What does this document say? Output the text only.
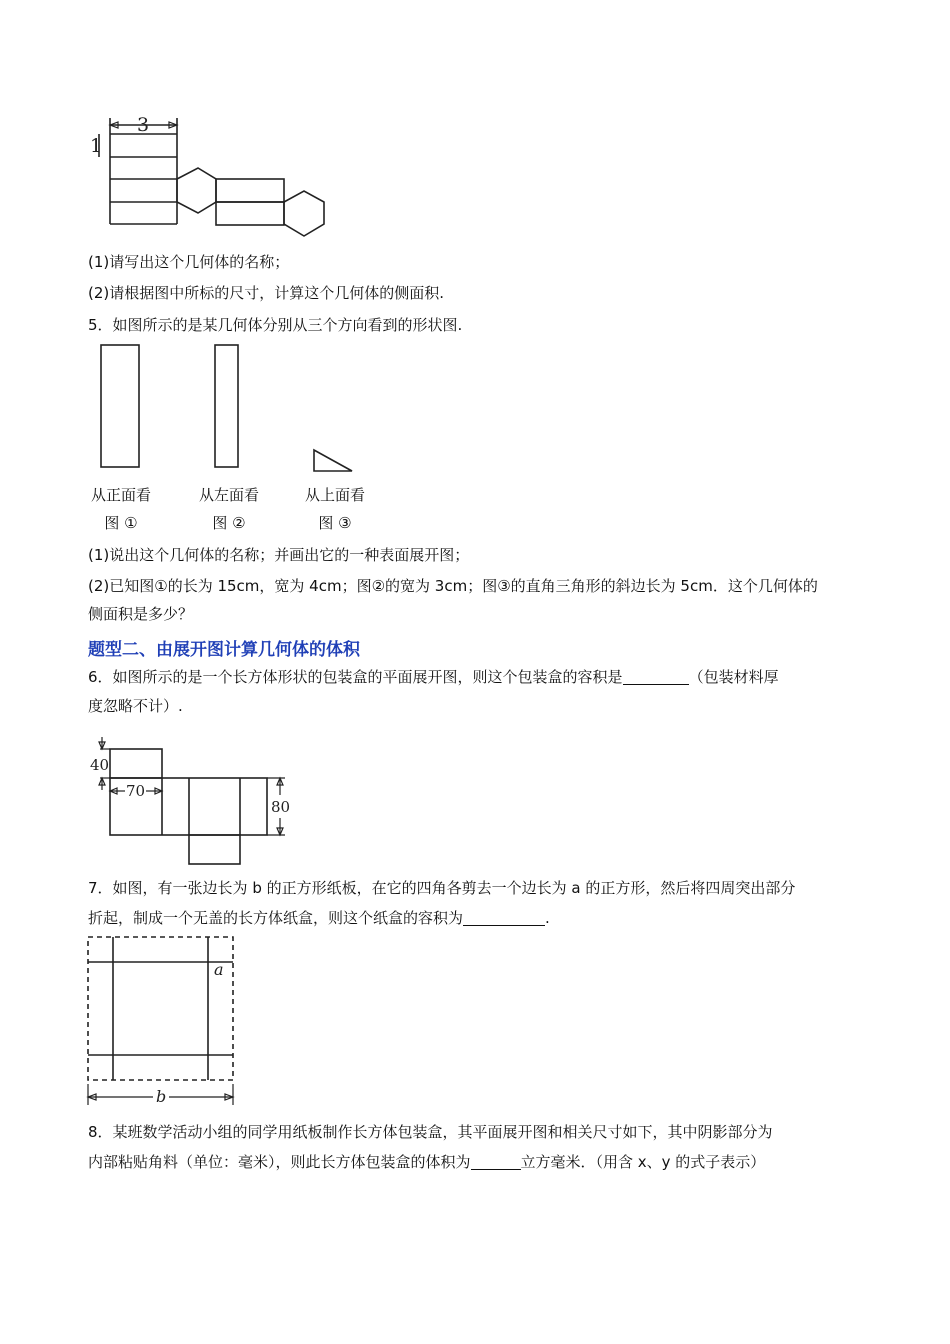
3
1
(1)请写出这个几何体的名称；
(2)请根据图中所标的尺寸，计算这个几何体的侧面积.
5．如图所示的是某几何体分别从三个方向看到的形状图.
从正面看	从左面看	从上面看
图 ①	图 ②	图 ③
(1)说出这个几何体的名称；并画出它的一种表面展开图；
(2)已知图①的长为 15cm，宽为 4cm；图②的宽为 3cm；图③的直角三角形的斜边长为 5cm．这个几何体的
侧面积是多少？
题型二、由展开图计算几何体的体积
6．如图所示的是一个长方体形状的包装盒的平面展开图，则这个包装盒的容积是	（包装材料厚
度忽略不计）.
40
70
80
7．如图，有一张边长为 b 的正方形纸板，在它的四角各剪去一个边长为 a 的正方形，然后将四周突出部分
折起，制成一个无盖的长方体纸盒，则这个纸盒的容积为	.
a
b
8．某班数学活动小组的同学用纸板制作长方体包装盒，其平面展开图和相关尺寸如下，其中阴影部分为
内部粘贴角料（单位：毫米），则此长方体包装盒的体积为	立方毫米．（用含 x、y 的式子表示）
